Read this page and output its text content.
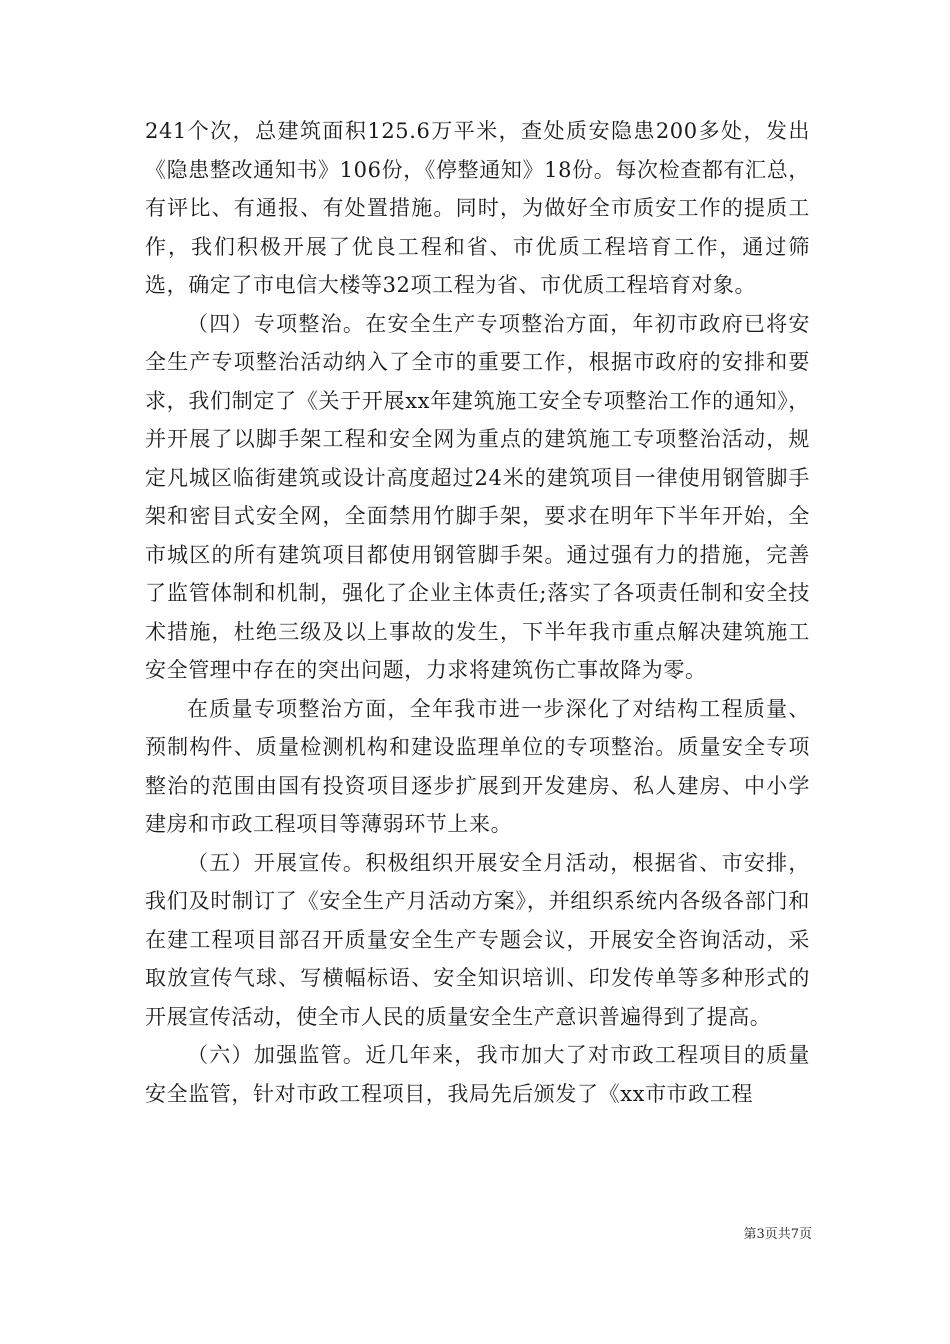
241个次，总建筑面积125.6万平米，查处质安隐患200多处，发出《隐患整改通知书》106份，《停整通知》18份。每次检查都有汇总，有评比、有通报、有处置措施。同时，为做好全市质安工作的提质工作，我们积极开展了优良工程和省、市优质工程培育工作，通过筛选，确定了市电信大楼等32项工程为省、市优质工程培育对象。

（四）专项整治。在安全生产专项整治方面，年初市政府已将安全生产专项整治活动纳入了全市的重要工作，根据市政府的安排和要求，我们制定了《关于开展xx年建筑施工安全专项整治工作的通知》，并开展了以脚手架工程和安全网为重点的建筑施工专项整治活动，规定凡城区临街建筑或设计高度超过24米的建筑项目一律使用钢管脚手架和密目式安全网，全面禁用竹脚手架，要求在明年下半年开始，全市城区的所有建筑项目都使用钢管脚手架。通过强有力的措施，完善了监管体制和机制，强化了企业主体责任;落实了各项责任制和安全技术措施，杜绝三级及以上事故的发生，下半年我市重点解决建筑施工安全管理中存在的突出问题，力求将建筑伤亡事故降为零。

在质量专项整治方面，全年我市进一步深化了对结构工程质量、预制构件、质量检测机构和建设监理单位的专项整治。质量安全专项整治的范围由国有投资项目逐步扩展到开发建房、私人建房、中小学建房和市政工程项目等薄弱环节上来。

（五）开展宣传。积极组织开展安全月活动，根据省、市安排，我们及时制订了《安全生产月活动方案》，并组织系统内各级各部门和在建工程项目部召开质量安全生产专题会议，开展安全咨询活动，采取放宣传气球、写横幅标语、安全知识培训、印发传单等多种形式的开展宣传活动，使全市人民的质量安全生产意识普遍得到了提高。

（六）加强监管。近几年来，我市加大了对市政工程项目的质量安全监管，针对市政工程项目，我局先后颁发了《xx市市政工程

第3页共7页
